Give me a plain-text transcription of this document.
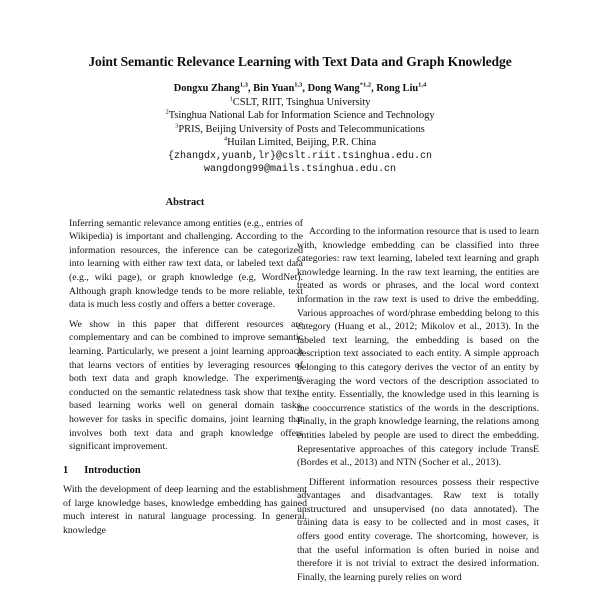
Joint Semantic Relevance Learning with Text Data and Graph Knowledge
Dongxu Zhang$^{1,3}$, Bin Yuan$^{1,3}$, Dong Wang$^{*1,2}$, Rong Liu$^{1,4}$
$^1$CSLT, RIIT, Tsinghua University
$^2$Tsinghua National Lab for Information Science and Technology
$^3$PRIS, Beijing University of Posts and Telecommunications
$^4$Huilan Limited, Beijing, P.R. China
{zhangdx,yuanb,lr}@cslt.riit.tsinghua.edu.cn
wangdong99@mails.tsinghua.edu.cn
Abstract

Inferring semantic relevance among entities (e.g., entries of Wikipedia) is important and challenging. According to the information resources, the inference can be categorized into learning with either raw text data, or labeled text data (e.g., wiki page), or graph knowledge (e.g, WordNet). Although graph knowledge tends to be more reliable, text data is much less costly and offers a better coverage.

We show in this paper that different resources are complementary and can be combined to improve semantic learning. Particularly, we present a joint learning approach that learns vectors of entities by leveraging resources of both text data and graph knowledge. The experiments conducted on the semantic relatedness task show that text-based learning works well on general domain tasks, however for tasks in specific domains, joint learning that involves both text data and graph knowledge offers significant improvement.

1 Introduction

With the development of deep learning and the establishment of large knowledge bases, knowledge embedding has gained much interest in natural language processing. In general, knowledge

According to the information resource that is used to learn with, knowledge embedding can be classified into three categories: raw text learning, labeled text learning and graph knowledge learning. In the raw text learning, the entities are treated as words or phrases, and the local word context information in the raw text is used to drive the embedding. Various approaches of word/phrase embedding belong to this category (Huang et al., 2012; Mikolov et al., 2013). In the labeled text learning, the embedding is based on the description text associated to each entity. A simple approach belonging to this category derives the vector of an entity by averaging the word vectors of the description associated to the entity. Essentially, the knowledge used in this learning is the cooccurrence statistics of the words in the descriptions. Finally, in the graph knowledge learning, the relations among entities labeled by people are used to direct the embedding. Representative approaches of this category include TransE (Bordes et al., 2013) and NTN (Socher et al., 2013).

Different information resources possess their respective advantages and disadvantages. Raw text is totally unstructured and unsupervised (no data annotated). The training data is easy to be collected and in most cases, it offers good entity coverage. The shortcoming, however, is that the useful information is often buried in noise and therefore it is not trivial to extract the desired information. Finally, the learning purely relies on word
